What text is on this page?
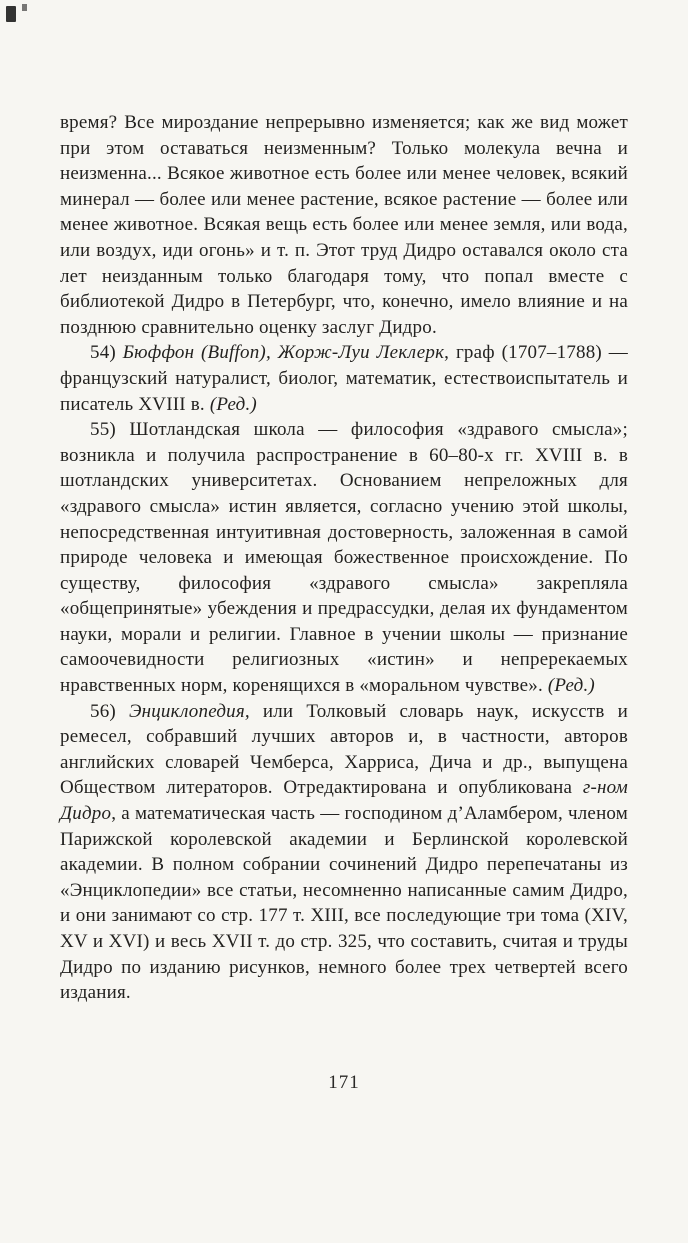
время? Все мироздание непрерывно изменяется; как же вид может при этом оставаться неизменным? Только молекула вечна и неизменна... Всякое животное есть более или менее человек, всякий минерал — более или менее растение, всякое растение — более или менее животное. Всякая вещь есть более или менее земля, или вода, или воздух, иди огонь» и т. п. Этот труд Дидро оставался около ста лет неизданным только благодаря тому, что попал вместе с библиотекой Дидро в Петербург, что, конечно, имело влияние и на позднюю сравнительно оценку заслуг Дидро.

54) Бюффон (Buffon), Жорж-Луи Леклерк, граф (1707–1788) — французский натуралист, биолог, математик, естествоиспытатель и писатель XVIII в. (Ред.)

55) Шотландская школа — философия «здравого смысла»; возникла и получила распространение в 60–80-х гг. XVIII в. в шотландских университетах. Основанием непреложных для «здравого смысла» истин является, согласно учению этой школы, непосредственная интуитивная достоверность, заложенная в самой природе человека и имеющая божественное происхождение. По существу, философия «здравого смысла» закрепляла «общепринятые» убеждения и предрассудки, делая их фундаментом науки, морали и религии. Главное в учении школы — признание самоочевидности религиозных «истин» и непререкаемых нравственных норм, коренящихся в «моральном чувстве». (Ред.)

56) Энциклопедия, или Толковый словарь наук, искусств и ремесел, собравший лучших авторов и, в частности, авторов английских словарей Чемберса, Харриса, Дича и др., выпущена Обществом литераторов. Отредактирована и опубликована г-ном Дидро, а математическая часть — господином д’Аламбером, членом Парижской королевской академии и Берлинской королевской академии. В полном собрании сочинений Дидро перепечатаны из «Энциклопедии» все статьи, несомненно написанные самим Дидро, и они занимают со стр. 177 т. XIII, все последующие три тома (XIV, XV и XVI) и весь XVII т. до стр. 325, что составить, считая и труды Дидро по изданию рисунков, немного более трех четвертей всего издания.

171
